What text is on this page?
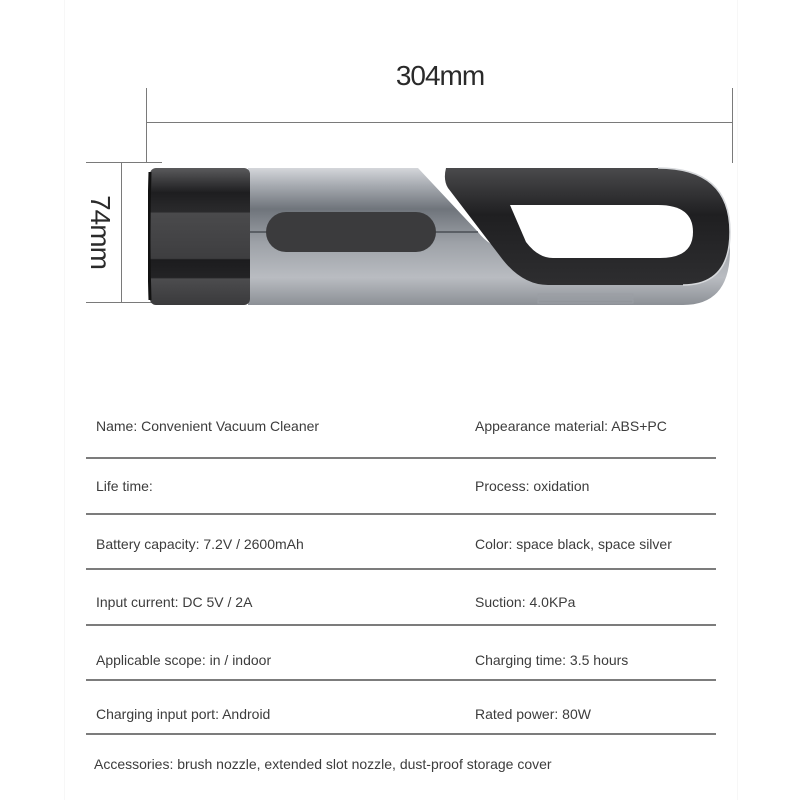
304mm
74mm
Name: Convenient Vacuum Cleaner	Appearance material: ABS+PC
Life time:	Process: oxidation
Battery capacity: 7.2V / 2600mAh	Color: space black, space silver
Input current: DC 5V / 2A	Suction: 4.0KPa
Applicable scope: in / indoor	Charging time: 3.5 hours
Charging input port: Android	Rated power: 80W
Accessories: brush nozzle, extended slot nozzle, dust-proof storage cover
